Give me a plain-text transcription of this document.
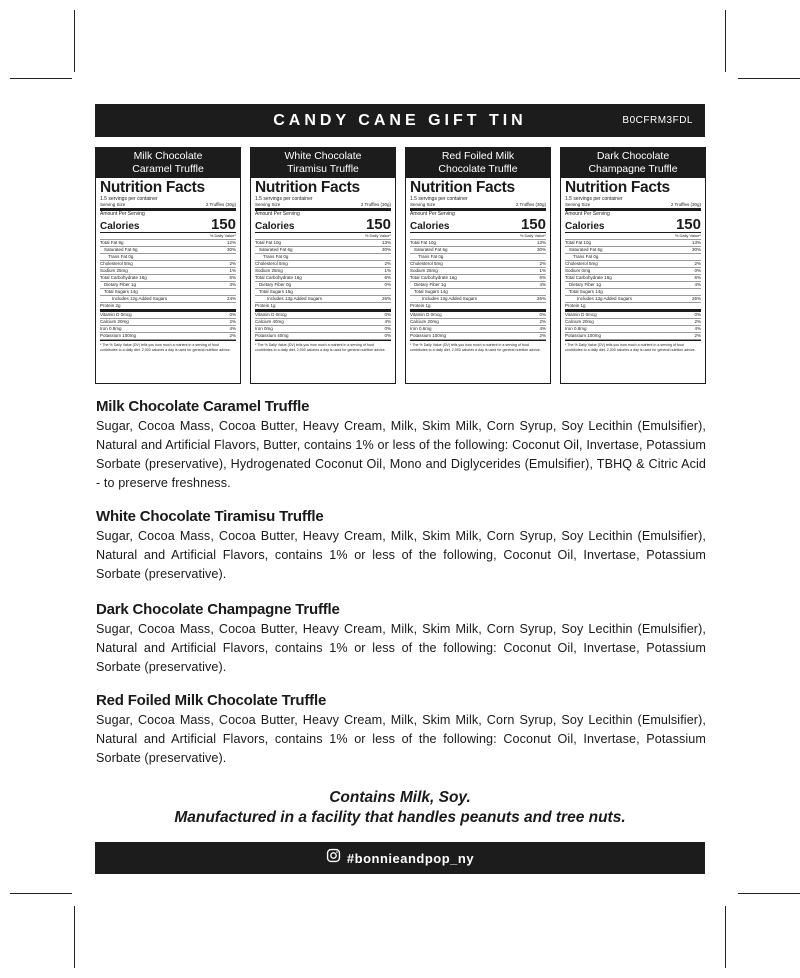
CANDY CANE GIFT TIN	B0CFRM3FDL
Milk Chocolate
Caramel Truffle
Nutrition Facts
1.5 servings per container
Serving Size	2 Truffles (30g)
Amount Per Serving
Calories	150
% Daily Value*
Total Fat 9g	12%
Saturated Fat 6g	30%
Trans Fat 0g
Cholesterol 5mg	2%
Sodium 25mg	1%
Total Carbohydrate 16g	6%
Dietary Fiber 1g	3%
Total Sugars 14g
Includes 12g Added Sugars	24%
Protein 2g
Vitamin D 0mcg	0%
Calcium 20mg	2%
Iron 0.8mg	4%
Potassium 100mg	2%
* The % Daily Value (DV) tells you how much a nutrient in a serving of food contributes to a daily diet. 2,000 calories a day is used for general nutrition advice.
White Chocolate
Tiramisu Truffle
Nutrition Facts
1.5 servings per container
Serving Size	2 Truffles (30g)
Amount Per Serving
Calories	150
% Daily Value*
Total Fat 10g	13%
Saturated Fat 6g	30%
Trans Fat 0g
Cholesterol 5mg	2%
Sodium 25mg	1%
Total Carbohydrate 16g	6%
Dietary Fiber 0g	0%
Total Sugars 15g
Includes 13g Added Sugars	26%
Protein 1g
Vitamin D 0mcg	0%
Calcium 40mg	4%
Iron 0mg	0%
Potassium 40mg	0%
* The % Daily Value (DV) tells you how much a nutrient in a serving of food contributes to a daily diet. 2,000 calories a day is used for general nutrition advice.
Red Foiled Milk
Chocolate Truffle
Nutrition Facts
1.5 servings per container
Serving Size	2 Truffles (30g)
Amount Per Serving
Calories	150
% Daily Value*
Total Fat 10g	13%
Saturated Fat 6g	30%
Trans Fat 0g
Cholesterol 5mg	2%
Sodium 25mg	1%
Total Carbohydrate 16g	6%
Dietary Fiber 1g	4%
Total Sugars 14g
Includes 13g Added Sugars	26%
Protein 1g
Vitamin D 0mcg	0%
Calcium 20mg	2%
Iron 0.6mg	4%
Potassium 100mg	2%
* The % Daily Value (DV) tells you how much a nutrient in a serving of food contributes to a daily diet. 2,000 calories a day is used for general nutrition advice.
Dark Chocolate
Champagne Truffle
Nutrition Facts
1.5 servings per container
Serving Size	2 Truffles (30g)
Amount Per Serving
Calories	150
% Daily Value*
Total Fat 10g	13%
Saturated Fat 6g	30%
Trans Fat 0g
Cholesterol 5mg	2%
Sodium 0mg	0%
Total Carbohydrate 16g	6%
Dietary Fiber 1g	4%
Total Sugars 14g
Includes 13g Added Sugars	26%
Protein 1g
Vitamin D 0mcg	0%
Calcium 20mg	2%
Iron 0.8mg	4%
Potassium 100mg	2%
* The % Daily Value (DV) tells you how much a nutrient in a serving of food contributes to a daily diet. 2,000 calories a day is used for general nutrition advice.
Milk Chocolate Caramel Truffle

Sugar, Cocoa Mass, Cocoa Butter, Heavy Cream, Milk, Skim Milk, Corn Syrup, Soy Lecithin (Emulsifier), Natural and Artificial Flavors, Butter, contains 1% or less of the following: Coconut Oil, Invertase, Potassium Sorbate (preservative), Hydrogenated Coconut Oil, Mono and Diglycerides (Emulsifier), TBHQ & Citric Acid - to preserve freshness.

White Chocolate Tiramisu Truffle

Sugar, Cocoa Mass, Cocoa Butter, Heavy Cream, Milk, Skim Milk, Corn Syrup, Soy Lecithin (Emulsifier), Natural and Artificial Flavors, contains 1% or less of the following, Coconut Oil, Invertase, Potassium Sorbate (preservative).

Dark Chocolate Champagne Truffle

Sugar, Cocoa Mass, Cocoa Butter, Heavy Cream, Milk, Skim Milk, Corn Syrup, Soy Lecithin (Emulsifier), Natural and Artificial Flavors, contains 1% or less of the following: Coconut Oil, Invertase, Potassium Sorbate (preservative).

Red Foiled Milk Chocolate Truffle

Sugar, Cocoa Mass, Cocoa Butter, Heavy Cream, Milk, Skim Milk, Corn Syrup, Soy Lecithin (Emulsifier), Natural and Artificial Flavors, contains 1% or less of the following: Coconut Oil, Invertase, Potassium Sorbate (preservative).

Contains Milk, Soy.
Manufactured in a facility that handles peanuts and tree nuts.
#bonnieandpop_ny
